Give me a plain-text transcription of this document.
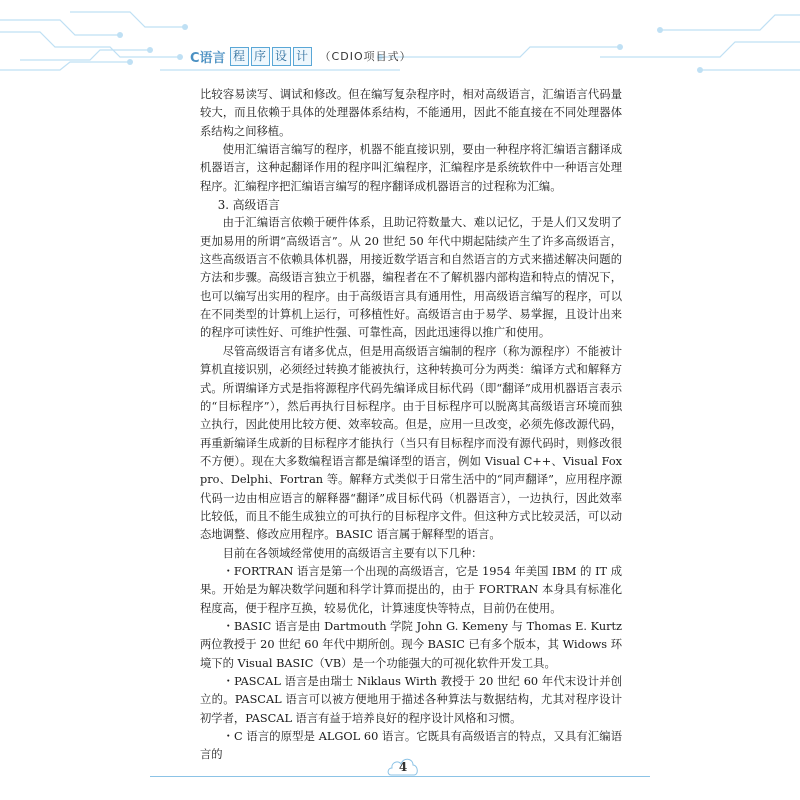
C语言 程 序 设 计	（CDIO项目式）

比较容易读写、调试和修改。但在编写复杂程序时，相对高级语言，汇编语言代码量较大，而且依赖于具体的处理器体系结构，不能通用，因此不能直接在不同处理器体系结构之间移植。

使用汇编语言编写的程序，机器不能直接识别，要由一种程序将汇编语言翻译成机器语言，这种起翻译作用的程序叫汇编程序，汇编程序是系统软件中一种语言处理程序。汇编程序把汇编语言编写的程序翻译成机器语言的过程称为汇编。

3. 高级语言

由于汇编语言依赖于硬件体系，且助记符数量大、难以记忆，于是人们又发明了更加易用的所谓“高级语言”。从 20 世纪 50 年代中期起陆续产生了许多高级语言，这些高级语言不依赖具体机器，用接近数学语言和自然语言的方式来描述解决问题的方法和步骤。高级语言独立于机器，编程者在不了解机器内部构造和特点的情况下，也可以编写出实用的程序。由于高级语言具有通用性，用高级语言编写的程序，可以在不同类型的计算机上运行，可移植性好。高级语言由于易学、易掌握，且设计出来的程序可读性好、可维护性强、可靠性高，因此迅速得以推广和使用。

尽管高级语言有诸多优点，但是用高级语言编制的程序（称为源程序）不能被计算机直接识别，必须经过转换才能被执行，这种转换可分为两类：编译方式和解释方式。所谓编译方式是指将源程序代码先编译成目标代码（即“翻译”成用机器语言表示的“目标程序”），然后再执行目标程序。由于目标程序可以脱离其高级语言环境而独立执行，因此使用比较方便、效率较高。但是，应用一旦改变，必须先修改源代码，再重新编译生成新的目标程序才能执行（当只有目标程序而没有源代码时，则修改很不方便）。现在大多数编程语言都是编译型的语言，例如 Visual C++、Visual Foxpro、Delphi、Fortran 等。解释方式类似于日常生活中的“同声翻译”，应用程序源代码一边由相应语言的解释器“翻译”成目标代码（机器语言），一边执行，因此效率比较低，而且不能生成独立的可执行的目标程序文件。但这种方式比较灵活，可以动态地调整、修改应用程序。BASIC 语言属于解释型的语言。

目前在各领域经常使用的高级语言主要有以下几种：

・FORTRAN 语言是第一个出现的高级语言，它是 1954 年美国 IBM 的 IT 成果。开始是为解决数学问题和科学计算而提出的，由于 FORTRAN 本身具有标准化程度高，便于程序互换，较易优化，计算速度快等特点，目前仍在使用。

・BASIC 语言是由 Dartmouth 学院 John G. Kemeny 与 Thomas E. Kurtz 两位教授于 20 世纪 60 年代中期所创。现今 BASIC 已有多个版本，其 Widows 环境下的 Visual BASIC（VB）是一个功能强大的可视化软件开发工具。

・PASCAL 语言是由瑞士 Niklaus Wirth 教授于 20 世纪 60 年代末设计并创立的。PASCAL 语言可以被方便地用于描述各种算法与数据结构，尤其对程序设计初学者，PASCAL 语言有益于培养良好的程序设计风格和习惯。

・C 语言的原型是 ALGOL 60 语言。它既具有高级语言的特点，又具有汇编语言的

4
